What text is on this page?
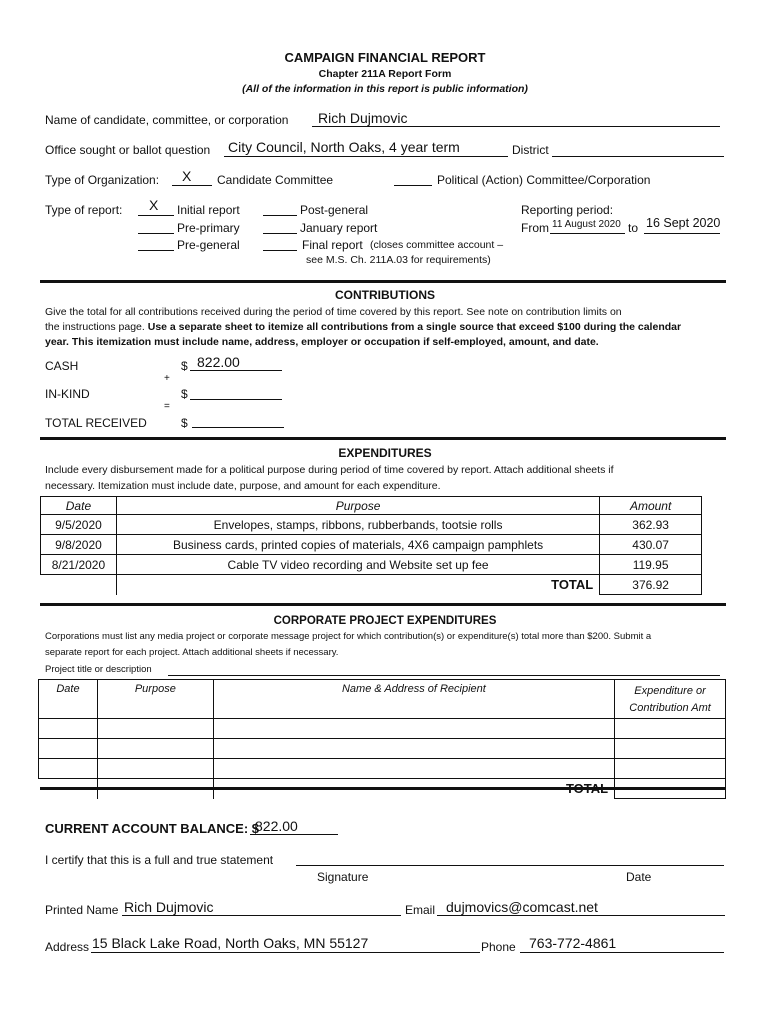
CAMPAIGN FINANCIAL REPORT
Chapter 211A Report Form
(All of the information in this report is public information)
Name of candidate, committee, or corporation Rich Dujmovic
Office sought or ballot question City Council, North Oaks, 4 year term	District
Type of Organization: X Candidate Committee	Political (Action) Committee/Corporation
Type of report: X Initial report
Pre-primary
Pre-general
Post-general
January report
Final report (closes committee account –
see M.S. Ch. 211A.03 for requirements)
Reporting period:
From 11 August 2020 to 16 Sept 2020
CONTRIBUTIONS
Give the total for all contributions received during the period of time covered by this report. See note on contribution limits on
the instructions page. Use a separate sheet to itemize all contributions from a single source that exceed $100 during the calendar
year. This itemization must include name, address, employer or occupation if self-employed, amount, and date.
CASH	$ 822.00
+
IN-KIND	$
=
TOTAL RECEIVED	$
EXPENDITURES
Include every disbursement made for a political purpose during period of time covered by report. Attach additional sheets if
necessary. Itemization must include date, purpose, and amount for each expenditure.
Date	Purpose	Amount
9/5/2020	Envelopes, stamps, ribbons, rubberbands, tootsie rolls	362.93
9/8/2020	Business cards, printed copies of materials, 4X6 campaign pamphlets	430.07
8/21/2020	Cable TV video recording and Website set up fee	119.95
	TOTAL	376.92
CORPORATE PROJECT EXPENDITURES
Corporations must list any media project or corporate message project for which contribution(s) or expenditure(s) total more than $200. Submit a
separate report for each project. Attach additional sheets if necessary.
Project title or description
Date	Purpose	Name & Address of Recipient	Expenditure or
Contribution Amt

		TOTAL	
CURRENT ACCOUNT BALANCE: $
822.00
I certify that this is a full and true statement
Signature	Date
Printed Name Rich Dujmovic	Email dujmovics@comcast.net
Address 15 Black Lake Road, North Oaks, MN 55127	Phone 763-772-4861
